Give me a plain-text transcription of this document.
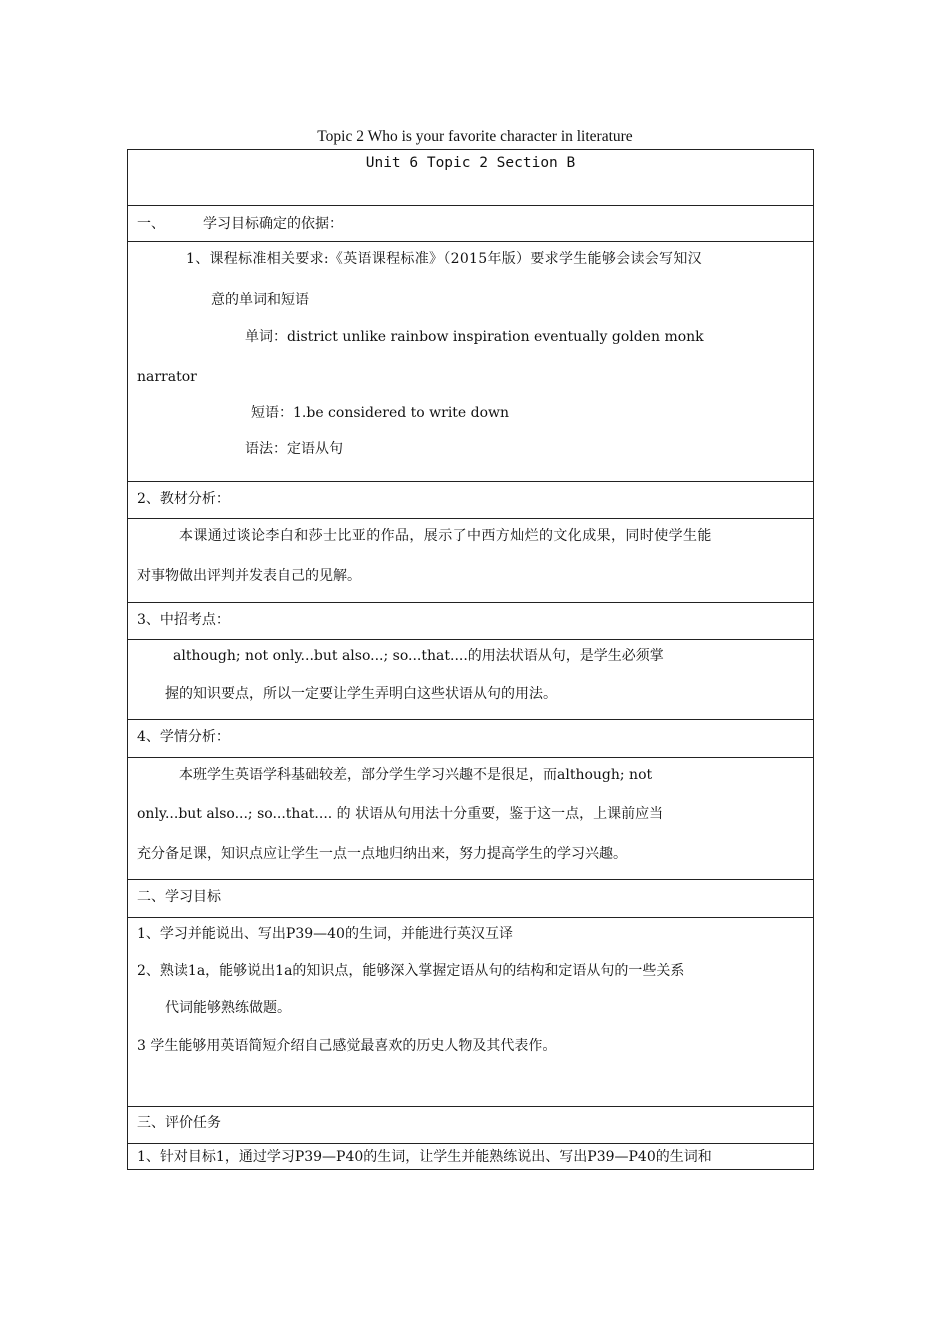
Topic 2 Who is your favorite character in literature
Unit 6 Topic 2 Section B
一、	学习目标确定的依据：
1、课程标准相关要求:《英语课程标准》（2015年版）要求学生能够会读会写知汉
意的单词和短语
单词：district unlike rainbow inspiration eventually golden monk
narrator
短语：1.be considered to write down
语法：定语从句
2、教材分析：
本课通过谈论李白和莎士比亚的作品，展示了中西方灿烂的文化成果，同时使学生能
对事物做出评判并发表自己的见解。
3、中招考点：
although; not only...but also...; so...that....的用法状语从句，是学生必须掌
握的知识要点，所以一定要让学生弄明白这些状语从句的用法。
4、学情分析：
本班学生英语学科基础较差，部分学生学习兴趣不是很足，而although; not
only...but also...; so...that.... 的 状语从句用法十分重要，鉴于这一点，上课前应当
充分备足课，知识点应让学生一点一点地归纳出来，努力提高学生的学习兴趣。
二、学习目标
1、学习并能说出、写出P39—40的生词，并能进行英汉互译
2、熟读1a，能够说出1a的知识点，能够深入掌握定语从句的结构和定语从句的一些关系
代词能够熟练做题。
3 学生能够用英语简短介绍自己感觉最喜欢的历史人物及其代表作。
三、评价任务
1、针对目标1，通过学习P39—P40的生词，让学生并能熟练说出、写出P39—P40的生词和
